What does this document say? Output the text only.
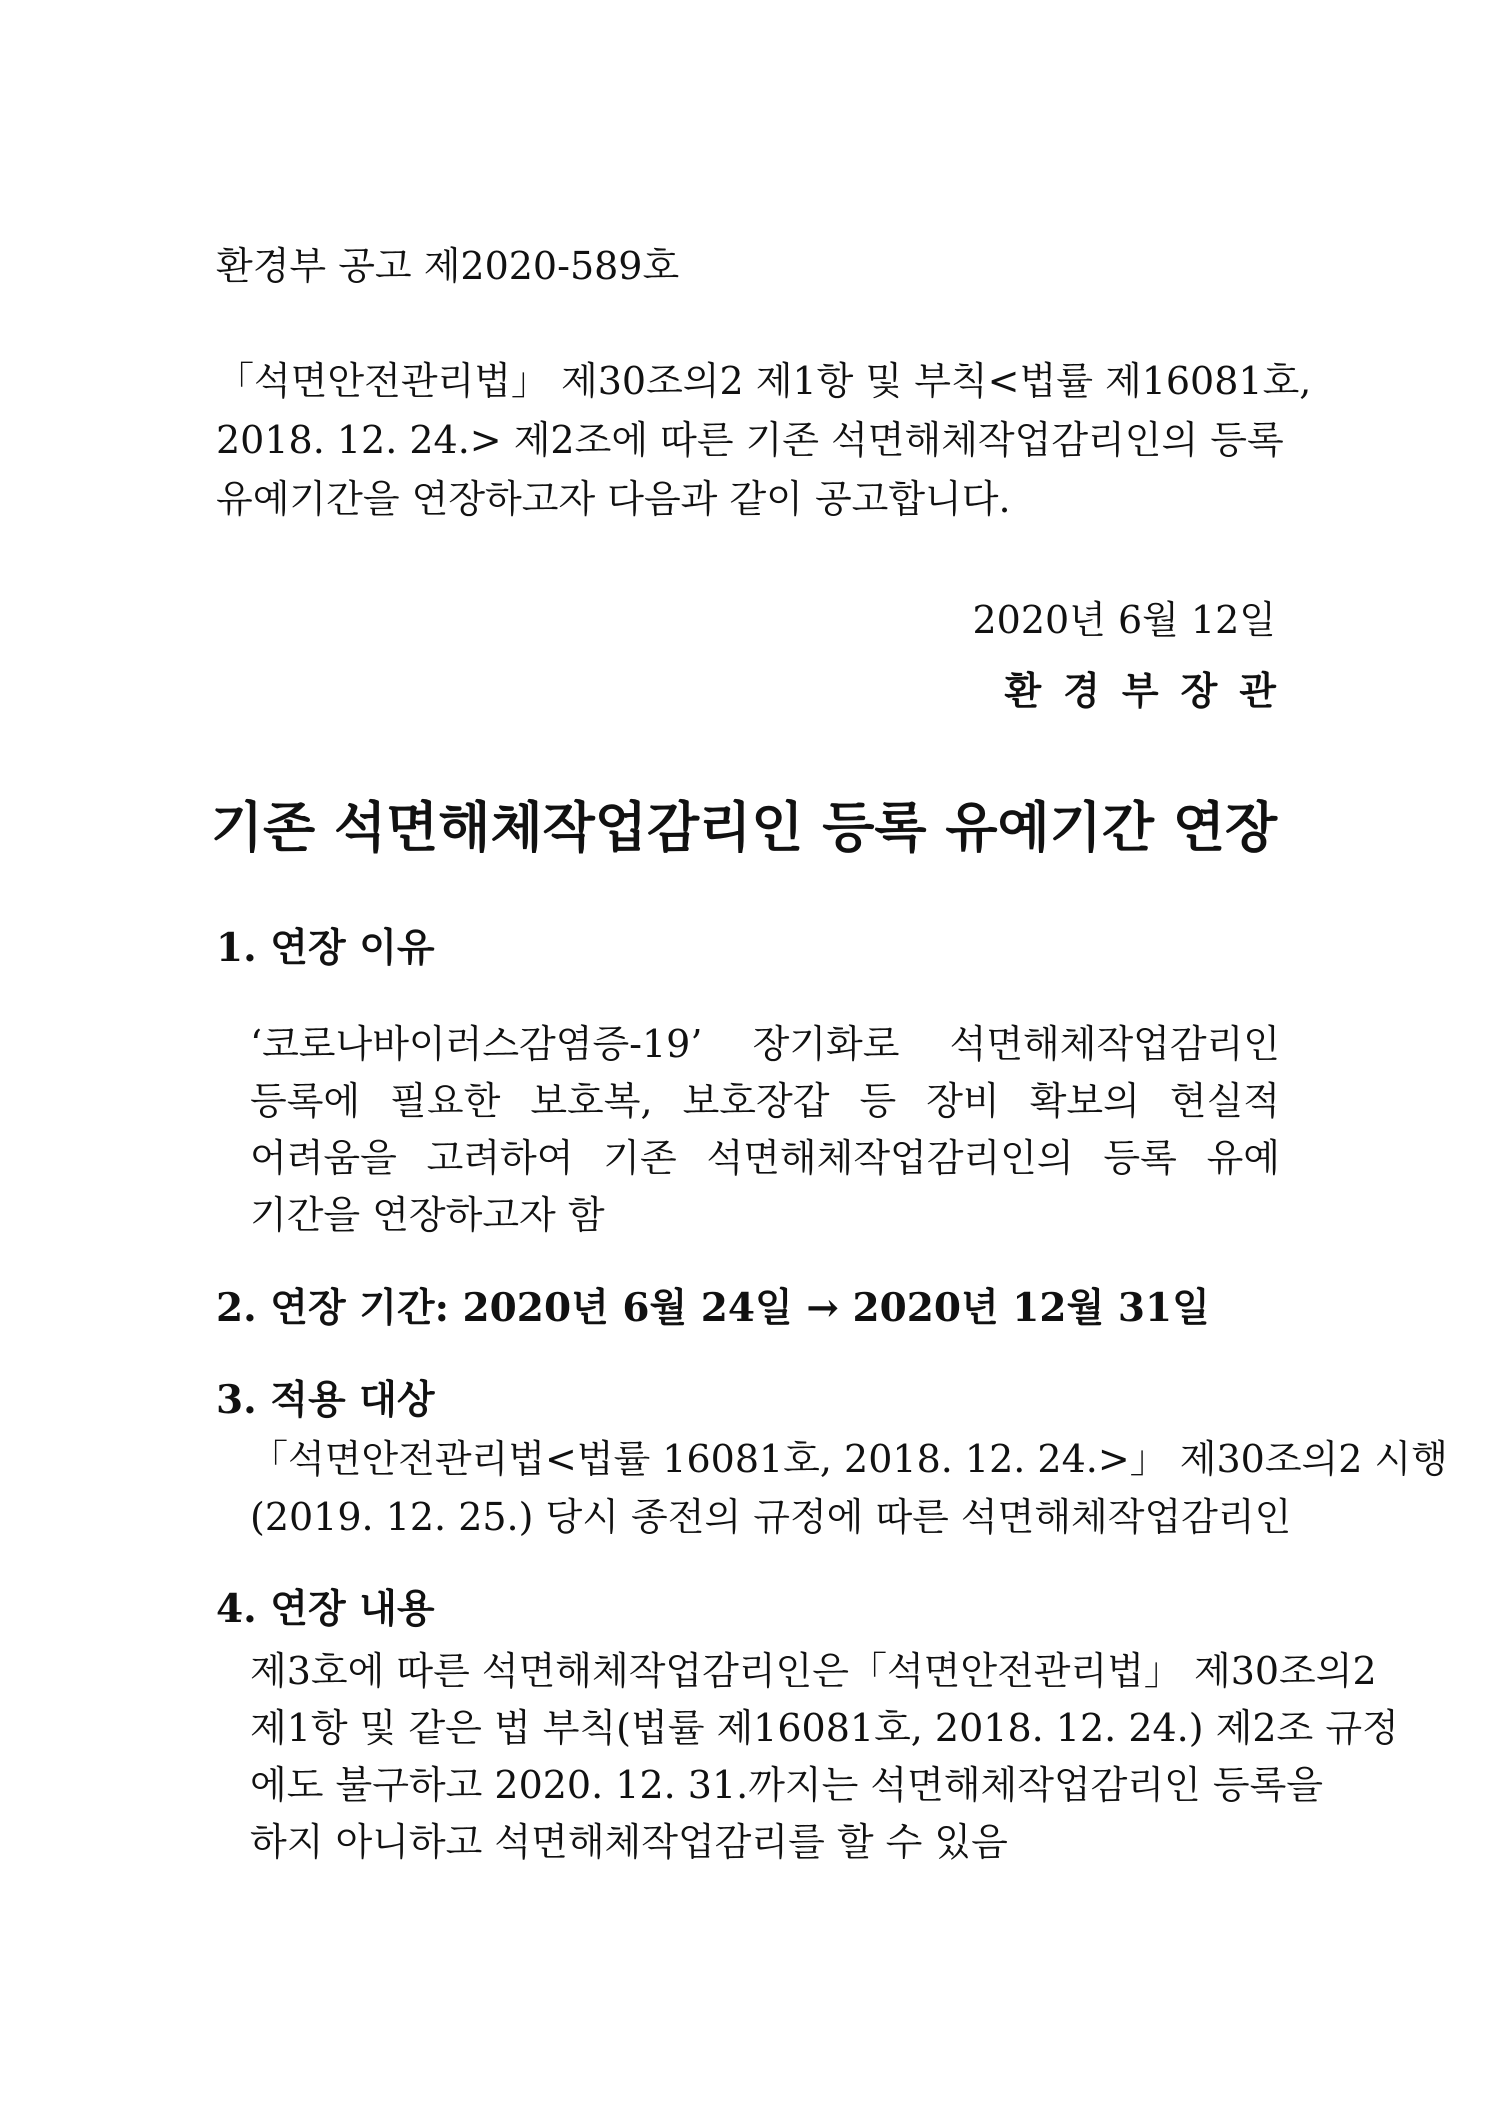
환경부 공고 제2020-589호
「석면안전관리법」 제30조의2 제1항 및 부칙<법률 제16081호,
2018. 12. 24.> 제2조에 따른 기존 석면해체작업감리인의 등록
유예기간을 연장하고자 다음과 같이 공고합니다.
2020년 6월 12일
환경부장관
기존 석면해체작업감리인 등록 유예기간 연장
1. 연장 이유
‘코로나바이러스감염증-19’ 장기화로 석면해체작업감리인
등록에 필요한 보호복, 보호장갑 등 장비 확보의 현실적
어려움을 고려하여 기존 석면해체작업감리인의 등록 유예
기간을 연장하고자 함
2. 연장 기간: 2020년 6월 24일 → 2020년 12월 31일
3. 적용 대상
「석면안전관리법<법률 16081호, 2018. 12. 24.>」 제30조의2 시행
(2019. 12. 25.) 당시 종전의 규정에 따른 석면해체작업감리인
4. 연장 내용
제3호에 따른 석면해체작업감리인은「석면안전관리법」 제30조의2
제1항 및 같은 법 부칙(법률 제16081호, 2018. 12. 24.) 제2조 규정
에도 불구하고 2020. 12. 31.까지는 석면해체작업감리인 등록을
하지 아니하고 석면해체작업감리를 할 수 있음
